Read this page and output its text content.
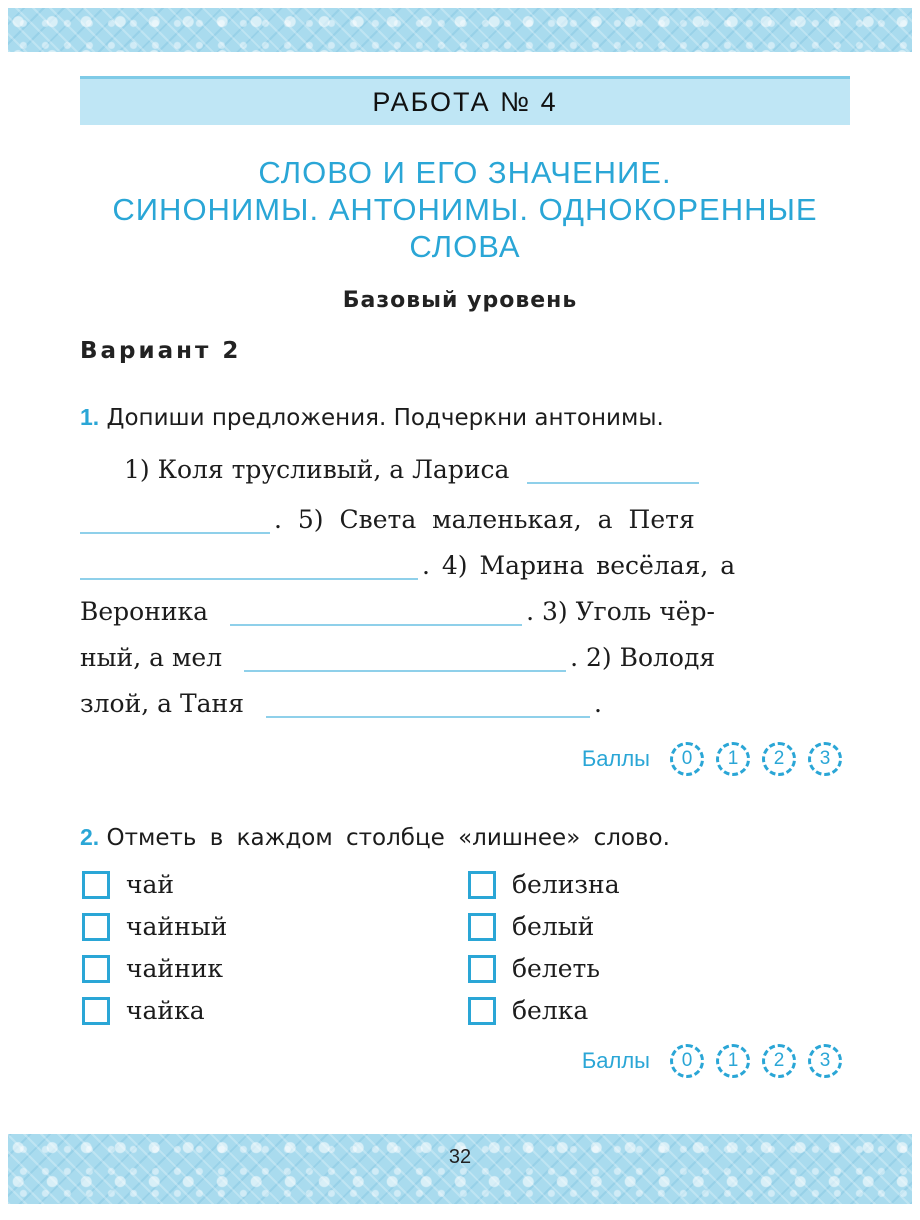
РАБОТА № 4
СЛОВО И ЕГО ЗНАЧЕНИЕ.
СИНОНИМЫ. АНТОНИМЫ. ОДНОКОРЕННЫЕ
СЛОВА
Базовый уровень
Вариант 2
1. Допиши предложения. Подчеркни антонимы.
1) Коля трусливый, а Лариса
. 5) Света маленькая, а Петя
. 4) Марина весёлая, а
Вероника	. 3) Уголь чёр-
ный, а мел	. 2) Володя
злой, а Таня	.
Баллы	0	1	2	3
2. Отметь в каждом столбце «лишнее» слово.
чай
чайный
чайник
чайка
белизна
белый
белеть
белка
Баллы	0	1	2	3
32
